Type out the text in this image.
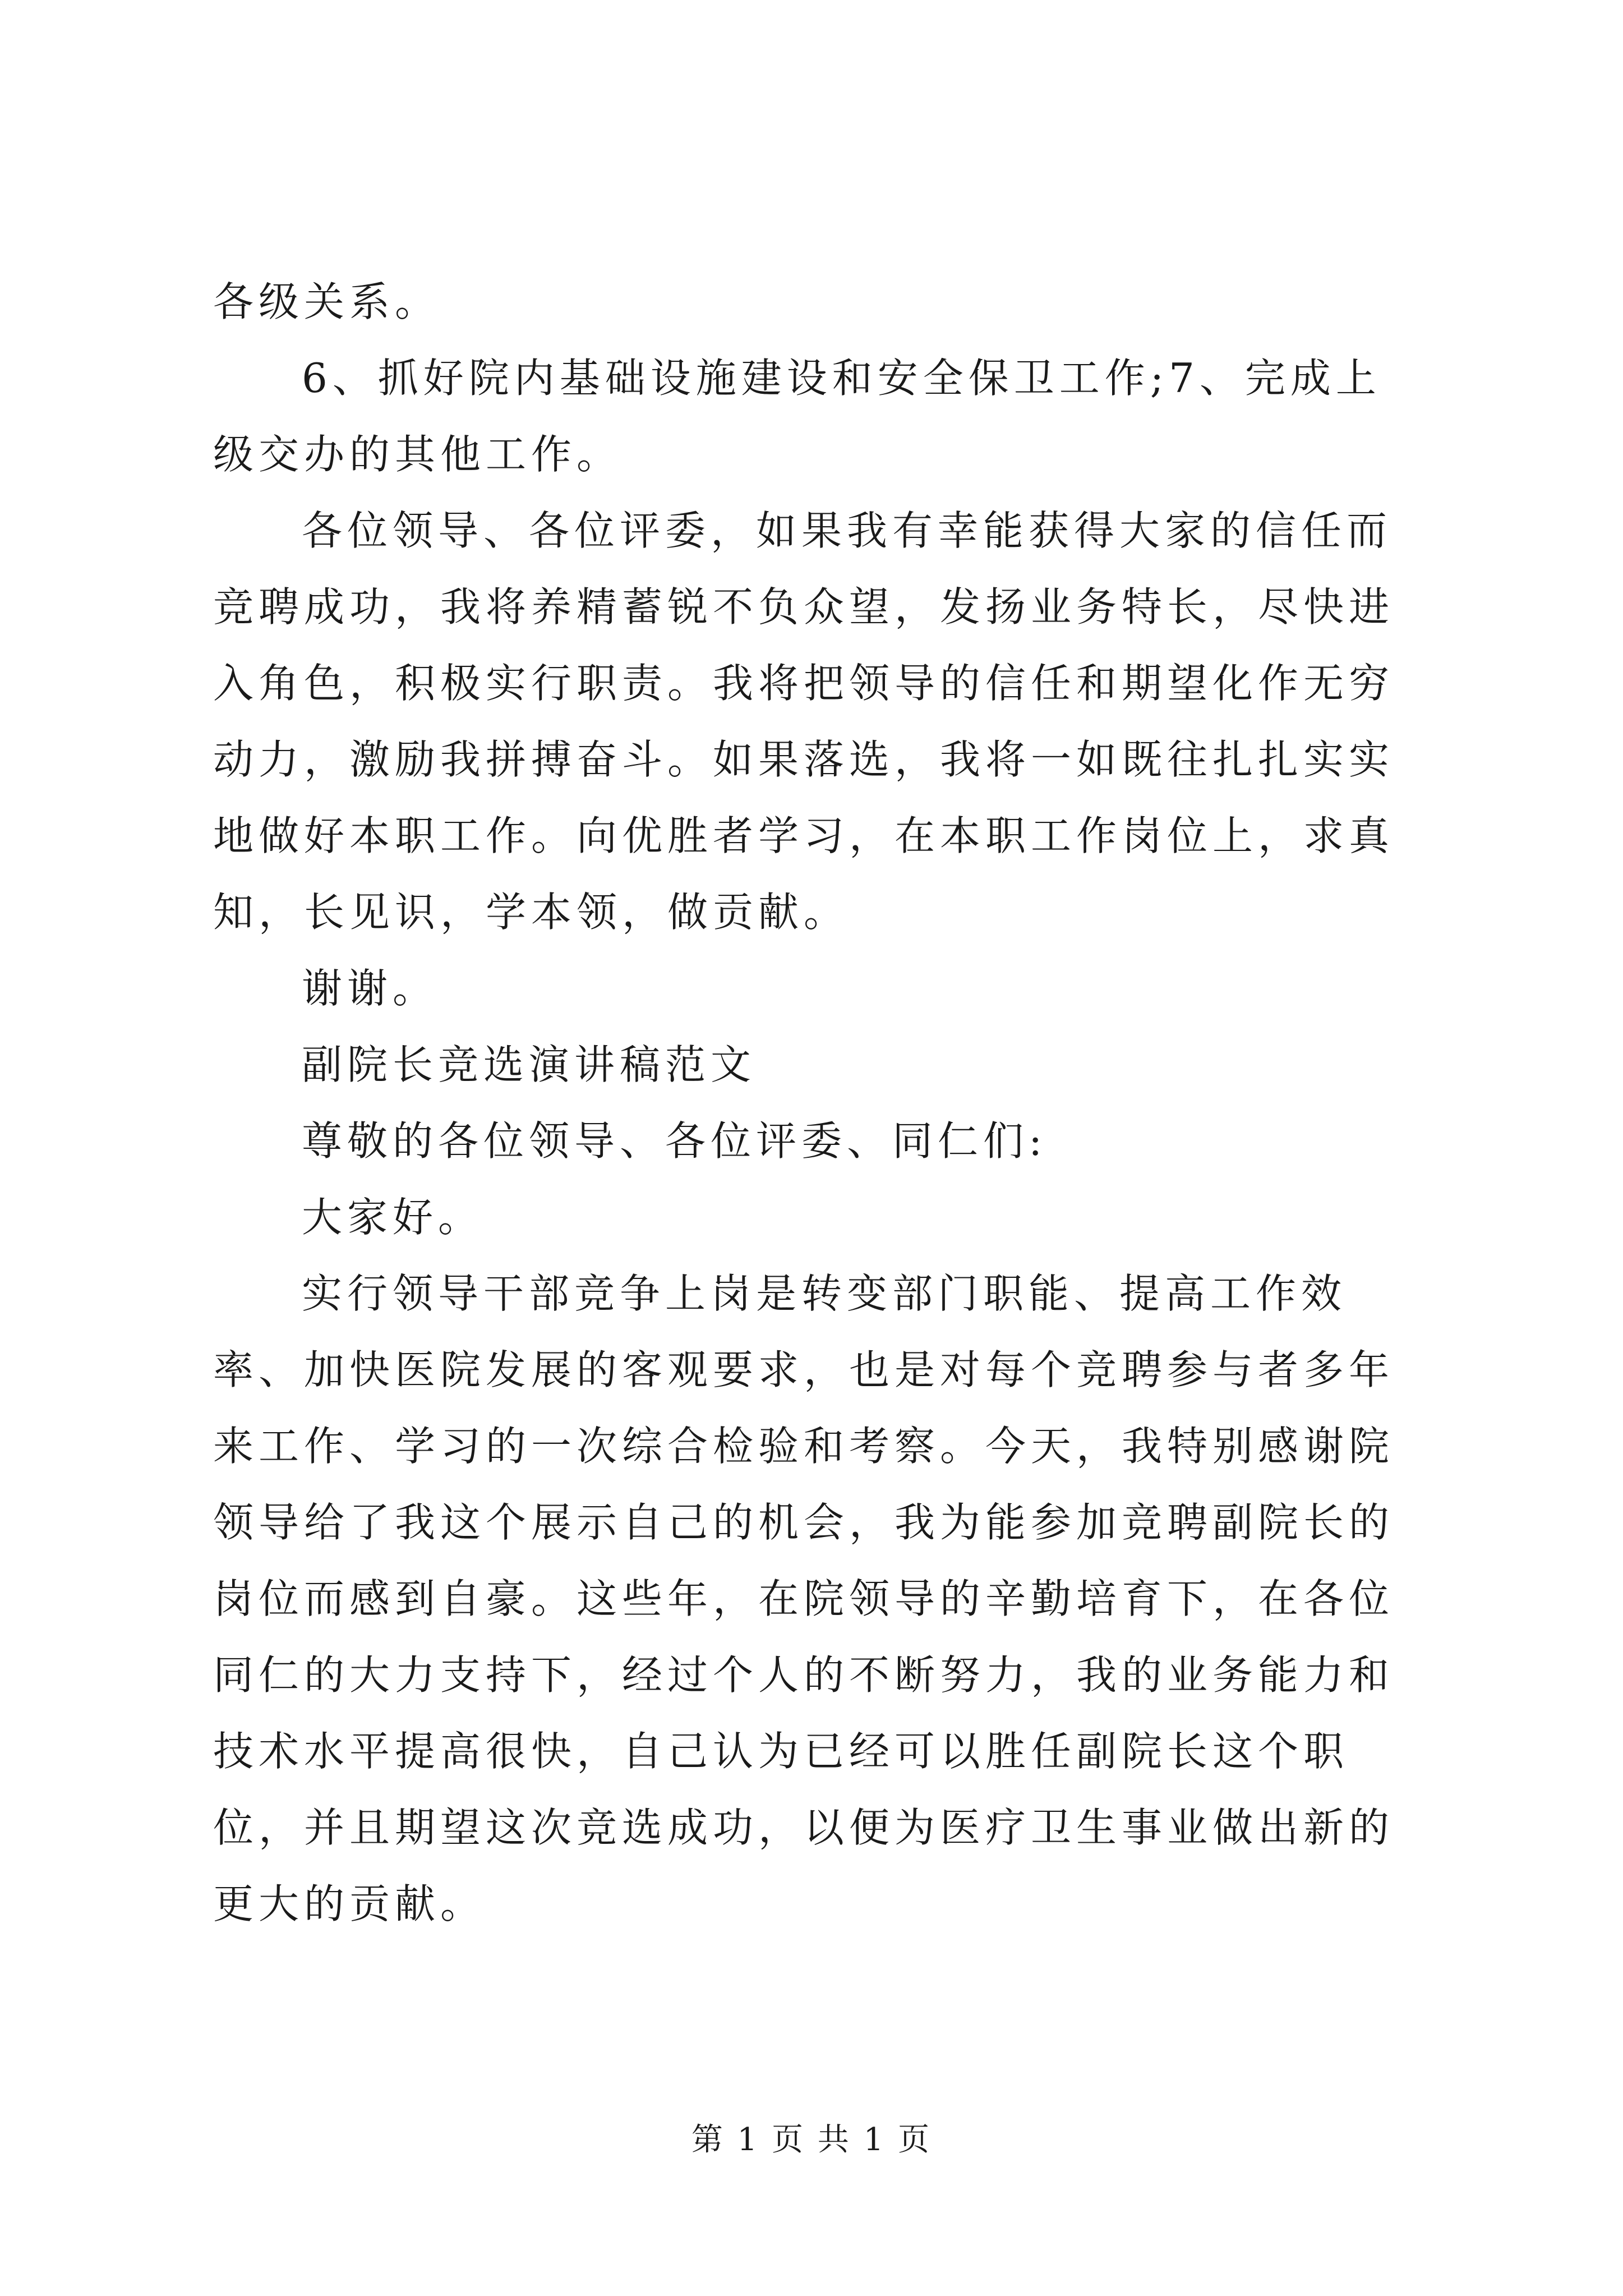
各级关系。

6、抓好院内基础设施建设和安全保卫工作;7、完成上级交办的其他工作。

各位领导、各位评委，如果我有幸能获得大家的信任而竞聘成功，我将养精蓄锐不负众望，发扬业务特长，尽快进入角色，积极实行职责。我将把领导的信任和期望化作无穷动力，激励我拼搏奋斗。如果落选，我将一如既往扎扎实实地做好本职工作。向优胜者学习，在本职工作岗位上，求真知，长见识，学本领，做贡献。

谢谢。

副院长竞选演讲稿范文

尊敬的各位领导、各位评委、同仁们:

大家好。

实行领导干部竞争上岗是转变部门职能、提高工作效率、加快医院发展的客观要求，也是对每个竞聘参与者多年来工作、学习的一次综合检验和考察。今天，我特别感谢院领导给了我这个展示自己的机会，我为能参加竞聘副院长的岗位而感到自豪。这些年，在院领导的辛勤培育下，在各位同仁的大力支持下，经过个人的不断努力，我的业务能力和技术水平提高很快，自己认为已经可以胜任副院长这个职位，并且期望这次竞选成功，以便为医疗卫生事业做出新的更大的贡献。

第 1 页 共 1 页
